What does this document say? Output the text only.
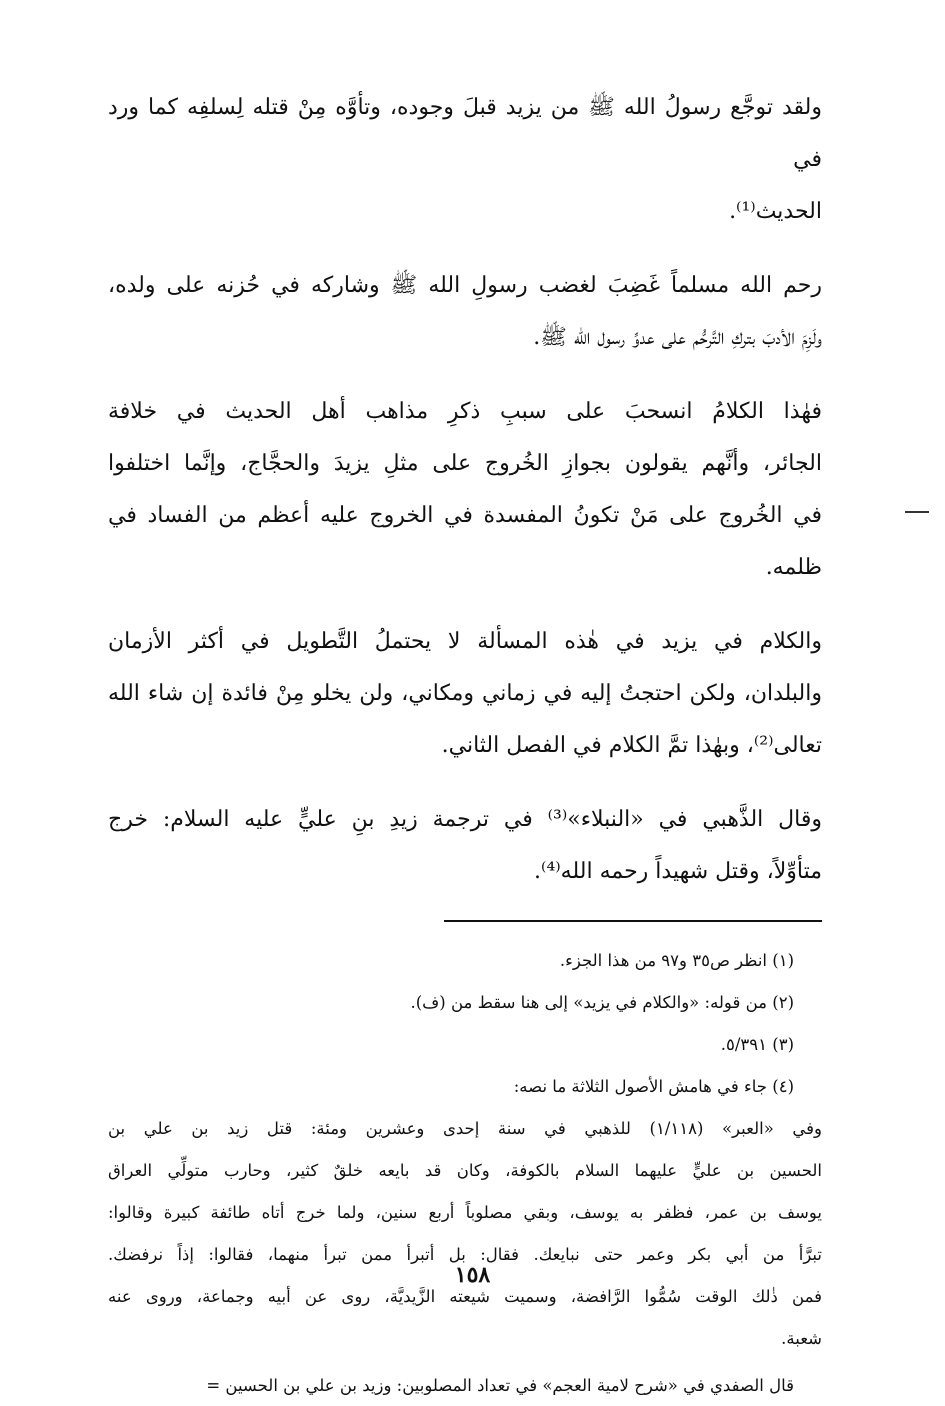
ولقد توجَّع رسولُ الله ﷺ من يزيد قبلَ وجوده، وتأوَّه مِنْ قتله لِسلفِه كما ورد في
الحديث⁽¹⁾.

رحم الله مسلماً غَضِبَ لغضب رسولِ الله ﷺ وشاركه في حُزنه على ولده،
ولَزِمَ الأدبَ بتركِ التَّرحُّم على عدوِّ رسول الله ﷺ.

فهٰذا الكلامُ انسحبَ على سببِ ذكرِ مذاهب أهل الحديث في خلافة
الجائر، وأنَّهم يقولون بجوازِ الخُروج على مثلِ يزيدَ والحجَّاج، وإنَّما اختلفوا
في الخُروج على مَنْ تكونُ المفسدة في الخروج عليه أعظم من الفساد في
ظلمه.

والكلام في يزيد في هٰذه المسألة لا يحتملُ التَّطويل في أكثر الأزمان
والبلدان، ولكن احتجتُ إليه في زماني ومكاني، ولن يخلو مِنْ فائدة إن شاء الله
تعالى⁽²⁾، وبهٰذا تمَّ الكلام في الفصل الثاني.

وقال الذَّهبي في «النبلاء»⁽³⁾ في ترجمة زيدِ بنِ عليٍّ عليه السلام: خرج
متأوِّلاً، وقتل شهيداً رحمه الله⁽⁴⁾.

(١) انظر ص٣٥ و٩٧ من هذا الجزء.

(٢) من قوله: «والكلام في يزيد» إلى هنا سقط من (ف).

(٣) ٥/٣٩١.

(٤) جاء في هامش الأصول الثلاثة ما نصه:

وفي «العبر» (١/١١٨) للذهبي في سنة إحدى وعشرين ومئة: قتل زيد بن علي بن
الحسين بن عليٍّ عليهما السلام بالكوفة، وكان قد بايعه خلقٌ كثير، وحارب متولِّي العراق
يوسف بن عمر، فظفر به يوسف، وبقي مصلوباً أربع سنين، ولما خرج أتاه طائفة كبيرة وقالوا:
تبرَّأ من أبي بكر وعمر حتى نبايعك. فقال: بل أتبرأ ممن تبرأ منهما، فقالوا: إذاً نرفضك.
فمن ذٰلك الوقت سُمُّوا الرَّافضة، وسميت شيعته الزَّيديَّة، روى عن أبيه وجماعة، وروى عنه
شعبة.

قال الصفدي في «شرح لامية العجم» في تعداد المصلوبين: وزيد بن علي بن الحسين =

١٥٨
